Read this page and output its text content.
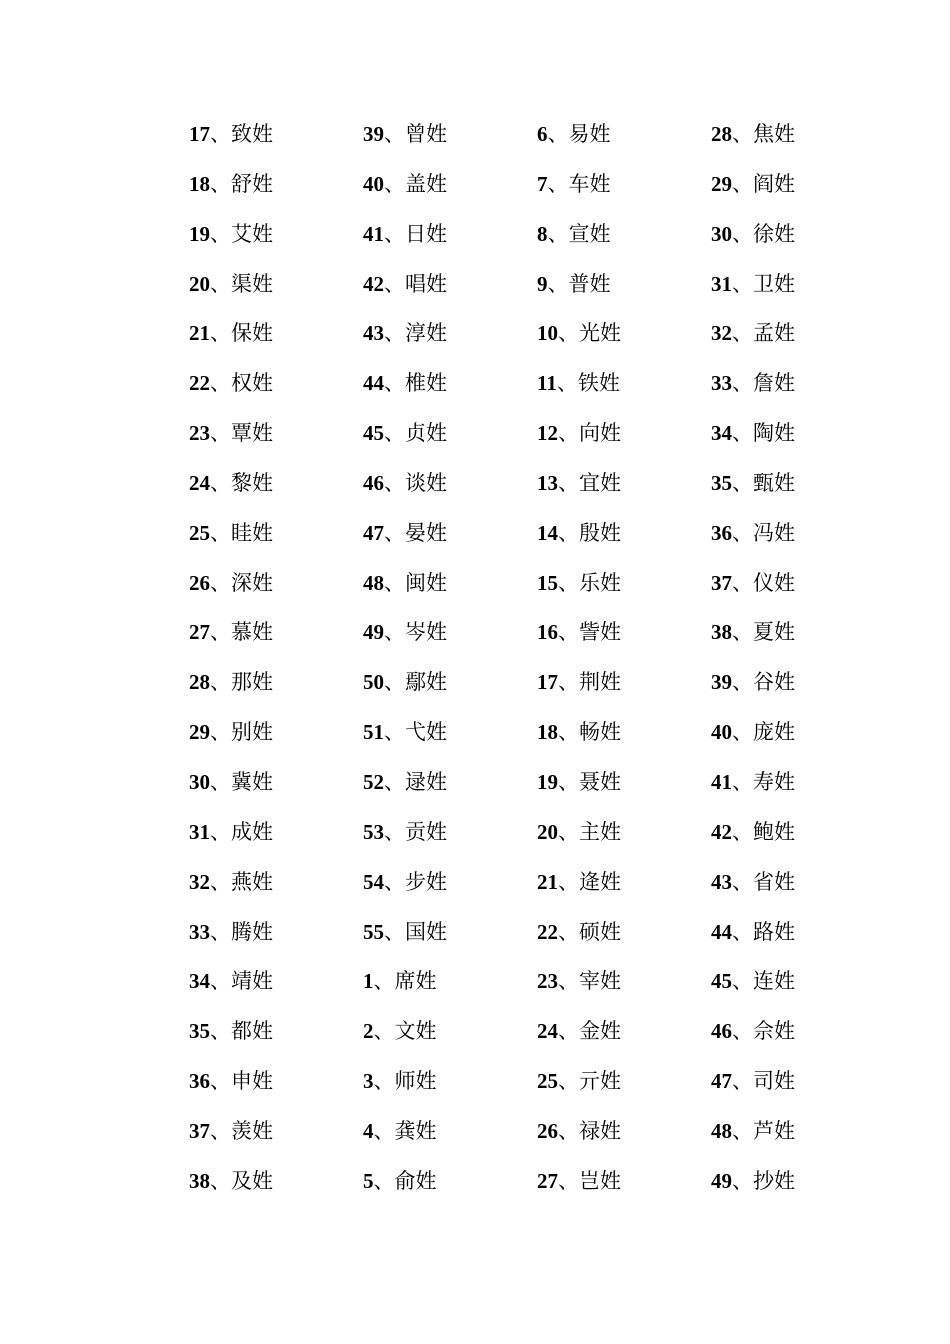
17、致姓
18、舒姓
19、艾姓
20、渠姓
21、保姓
22、权姓
23、覃姓
24、黎姓
25、眭姓
26、深姓
27、慕姓
28、那姓
29、别姓
30、冀姓
31、成姓
32、燕姓
33、腾姓
34、靖姓
35、都姓
36、申姓
37、羡姓
38、及姓
39、曾姓
40、盖姓
41、日姓
42、唱姓
43、淳姓
44、椎姓
45、贞姓
46、谈姓
47、晏姓
48、闽姓
49、岑姓
50、鄢姓
51、弋姓
52、逯姓
53、贡姓
54、步姓
55、国姓
1、席姓
2、文姓
3、师姓
4、龚姓
5、俞姓
6、易姓
7、车姓
8、宣姓
9、普姓
10、光姓
11、铁姓
12、向姓
13、宜姓
14、殷姓
15、乐姓
16、訾姓
17、荆姓
18、畅姓
19、聂姓
20、主姓
21、逄姓
22、硕姓
23、宰姓
24、金姓
25、亓姓
26、禄姓
27、岂姓
28、焦姓
29、阎姓
30、徐姓
31、卫姓
32、孟姓
33、詹姓
34、陶姓
35、甄姓
36、冯姓
37、仪姓
38、夏姓
39、谷姓
40、庞姓
41、寿姓
42、鲍姓
43、省姓
44、路姓
45、连姓
46、佘姓
47、司姓
48、芦姓
49、抄姓
